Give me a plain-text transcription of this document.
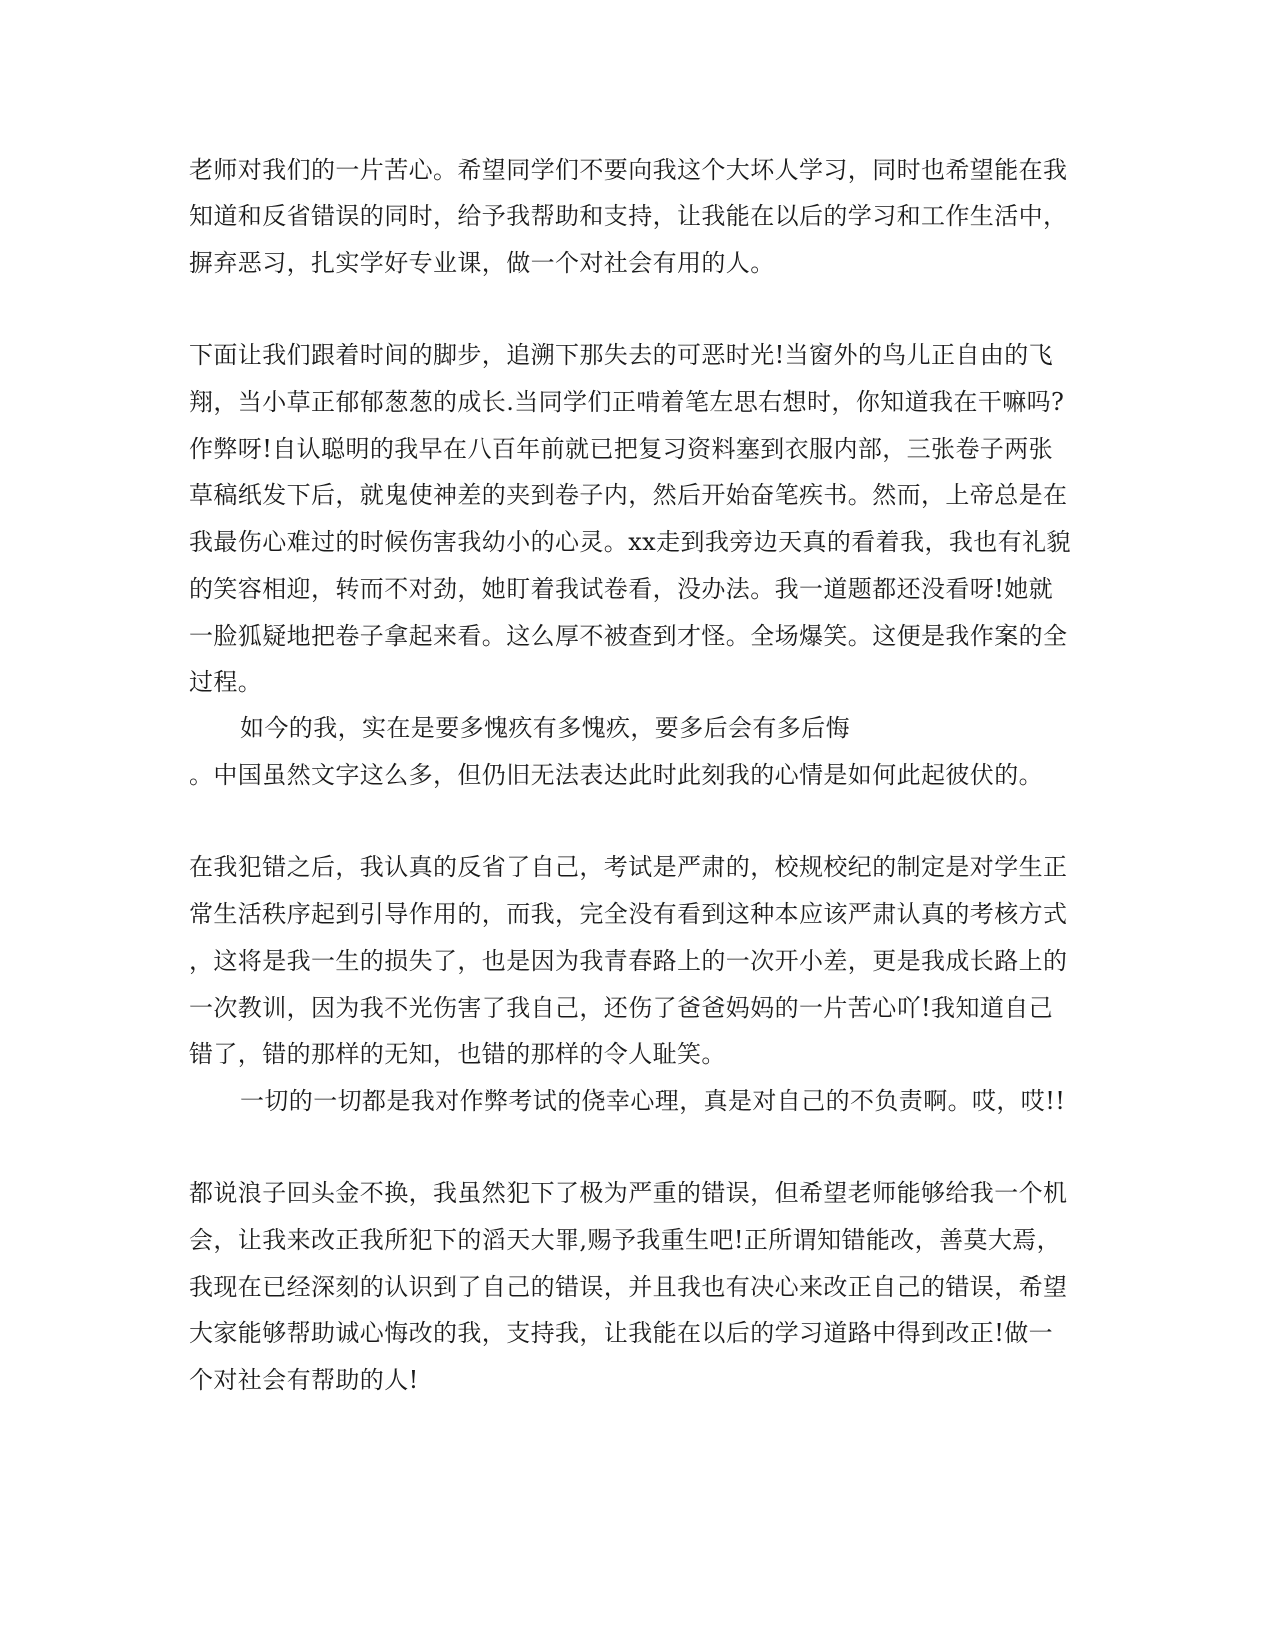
老师对我们的一片苦心。希望同学们不要向我这个大坏人学习，同时也希望能在我
知道和反省错误的同时，给予我帮助和支持，让我能在以后的学习和工作生活中，
摒弃恶习，扎实学好专业课，做一个对社会有用的人。
下面让我们跟着时间的脚步，追溯下那失去的可恶时光!当窗外的鸟儿正自由的飞
翔，当小草正郁郁葱葱的成长.当同学们正啃着笔左思右想时，你知道我在干嘛吗?
作弊呀!自认聪明的我早在八百年前就已把复习资料塞到衣服内部，三张卷子两张
草稿纸发下后，就鬼使神差的夹到卷子内，然后开始奋笔疾书。然而，上帝总是在
我最伤心难过的时候伤害我幼小的心灵。xx走到我旁边天真的看着我，我也有礼貌
的笑容相迎，转而不对劲，她盯着我试卷看，没办法。我一道题都还没看呀!她就
一脸狐疑地把卷子拿起来看。这么厚不被查到才怪。全场爆笑。这便是我作案的全
过程。
如今的我，实在是要多愧疚有多愧疚，要多后会有多后悔
。中国虽然文字这么多，但仍旧无法表达此时此刻我的心情是如何此起彼伏的。
在我犯错之后，我认真的反省了自己，考试是严肃的，校规校纪的制定是对学生正
常生活秩序起到引导作用的，而我，完全没有看到这种本应该严肃认真的考核方式
，这将是我一生的损失了，也是因为我青春路上的一次开小差，更是我成长路上的
一次教训，因为我不光伤害了我自己，还伤了爸爸妈妈的一片苦心吖!我知道自己
错了，错的那样的无知，也错的那样的令人耻笑。
一切的一切都是我对作弊考试的侥幸心理，真是对自己的不负责啊。哎，哎!!
都说浪子回头金不换，我虽然犯下了极为严重的错误，但希望老师能够给我一个机
会，让我来改正我所犯下的滔天大罪,赐予我重生吧!正所谓知错能改，善莫大焉，
我现在已经深刻的认识到了自己的错误，并且我也有决心来改正自己的错误，希望
大家能够帮助诚心悔改的我，支持我，让我能在以后的学习道路中得到改正!做一
个对社会有帮助的人!
